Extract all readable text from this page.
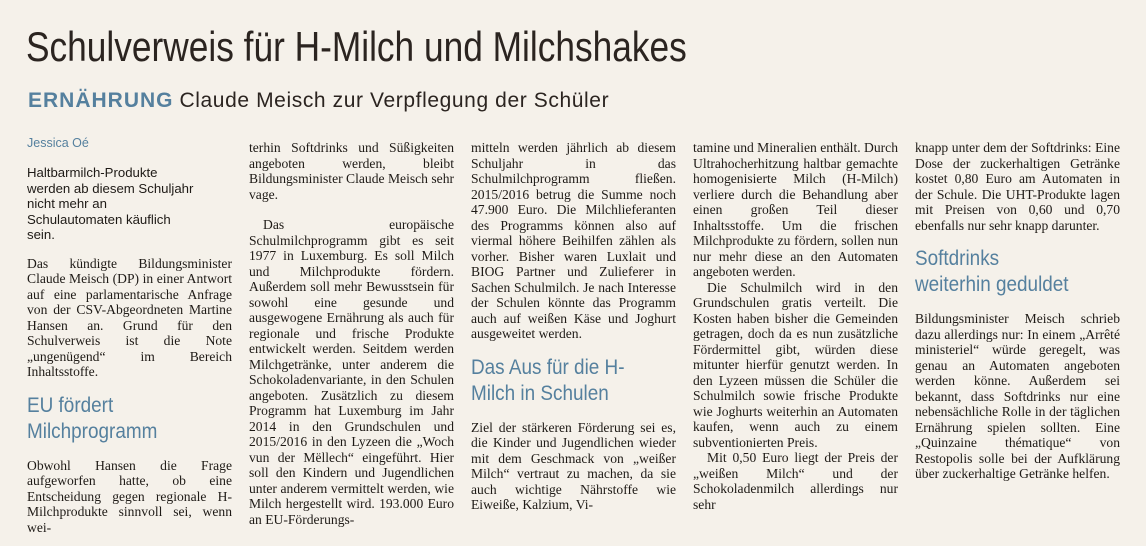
Schulverweis für H-Milch und Milchshakes
ERNÄHRUNG Claude Meisch zur Verpflegung der Schüler
Jessica Oé
Haltbarmilch-Produkte werden ab diesem Schuljahr nicht mehr an Schulautomaten käuflich sein.

Das kündigte Bildungsminister Claude Meisch (DP) in einer Antwort auf eine parlamentarische Anfrage von der CSV-Abgeordneten Martine Hansen an. Grund für den Schulverweis ist die Note „ungenügend“ im Bereich Inhaltsstoffe.

EU fördert Milchprogramm

Obwohl Hansen die Frage aufgeworfen hatte, ob eine Entscheidung gegen regionale H-Milchprodukte sinnvoll sei, wenn wei-

terhin Softdrinks und Süßigkeiten angeboten werden, bleibt Bildungsminister Claude Meisch sehr vage.

Das europäische Schulmilchprogramm gibt es seit 1977 in Luxemburg. Es soll Milch und Milchprodukte fördern. Außerdem soll mehr Bewusstsein für sowohl eine gesunde und ausgewogene Ernährung als auch für regionale und frische Produkte entwickelt werden. Seitdem werden Milchgetränke, unter anderem die Schokoladenvariante, in den Schulen angeboten. Zusätzlich zu diesem Programm hat Luxemburg im Jahr 2014 in den Grundschulen und 2015/2016 in den Lyzeen die „Woch vun der Mëllech“ eingeführt. Hier soll den Kindern und Jugendlichen unter anderem vermittelt werden, wie Milch hergestellt wird. 193.000 Euro an EU-Förderungs-

mitteln werden jährlich ab diesem Schuljahr in das Schulmilchprogramm fließen. 2015/2016 betrug die Summe noch 47.900 Euro. Die Milchlieferanten des Programms können also auf viermal höhere Beihilfen zählen als vorher. Bisher waren Luxlait und BIOG Partner und Zulieferer in Sachen Schulmilch. Je nach Interesse der Schulen könnte das Programm auch auf weißen Käse und Joghurt ausgeweitet werden.

Das Aus für die H-Milch in Schulen

Ziel der stärkeren Förderung sei es, die Kinder und Jugendlichen wieder mit dem Geschmack von „weißer Milch“ vertraut zu machen, da sie auch wichtige Nährstoffe wie Eiweiße, Kalzium, Vi-

tamine und Mineralien enthält. Durch Ultrahocherhitzung haltbar gemachte homogenisierte Milch (H-Milch) verliere durch die Behandlung aber einen großen Teil dieser Inhaltsstoffe. Um die frischen Milchprodukte zu fördern, sollen nun nur mehr diese an den Automaten angeboten werden.

Die Schulmilch wird in den Grundschulen gratis verteilt. Die Kosten haben bisher die Gemeinden getragen, doch da es nun zusätzliche Fördermittel gibt, würden diese mitunter hierfür genutzt werden. In den Lyzeen müssen die Schüler die Schulmilch sowie frische Produkte wie Joghurts weiterhin an Automaten kaufen, wenn auch zu einem subventionierten Preis.

Mit 0,50 Euro liegt der Preis der „weißen Milch“ und der Schokoladenmilch allerdings nur sehr

knapp unter dem der Softdrinks: Eine Dose der zuckerhaltigen Getränke kostet 0,80 Euro am Automaten in der Schule. Die UHT-Produkte lagen mit Preisen von 0,60 und 0,70 ebenfalls nur sehr knapp darunter.

Softdrinks weiterhin geduldet

Bildungsminister Meisch schrieb dazu allerdings nur: In einem „Arrêté ministeriel“ würde geregelt, was genau an Automaten angeboten werden könne. Außerdem sei bekannt, dass Softdrinks nur eine nebensächliche Rolle in der täglichen Ernährung spielen sollten. Eine „Quinzaine thématique“ von Restopolis solle bei der Aufklärung über zuckerhaltige Getränke helfen.
